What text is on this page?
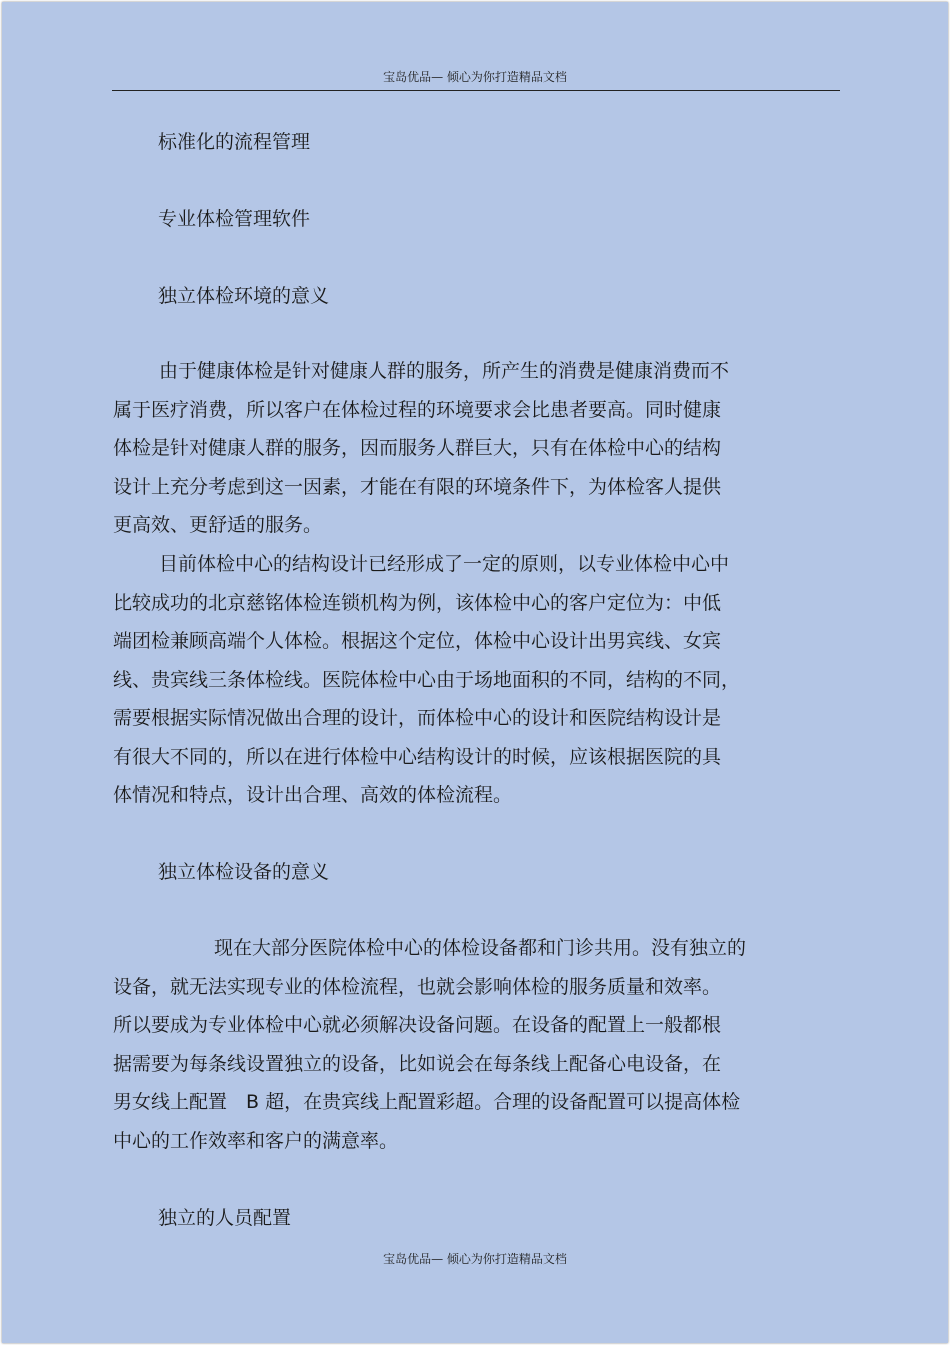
宝岛优品— 倾心为你打造精品文档
标准化的流程管理
专业体检管理软件
独立体检环境的意义
由于健康体检是针对健康人群的服务，所产生的消费是健康消费而不
属于医疗消费，所以客户在体检过程的环境要求会比患者要高。同时健康
体检是针对健康人群的服务，因而服务人群巨大，只有在体检中心的结构
设计上充分考虑到这一因素，才能在有限的环境条件下，为体检客人提供
更高效、更舒适的服务。
目前体检中心的结构设计已经形成了一定的原则，以专业体检中心中
比较成功的北京慈铭体检连锁机构为例，该体检中心的客户定位为：中低
端团检兼顾高端个人体检。根据这个定位，体检中心设计出男宾线、女宾
线、贵宾线三条体检线。医院体检中心由于场地面积的不同，结构的不同，
需要根据实际情况做出合理的设计，而体检中心的设计和医院结构设计是
有很大不同的，所以在进行体检中心结构设计的时候，应该根据医院的具
体情况和特点，设计出合理、高效的体检流程。
独立体检设备的意义
现在大部分医院体检中心的体检设备都和门诊共用。没有独立的
设备，就无法实现专业的体检流程，也就会影响体检的服务质量和效率。
所以要成为专业体检中心就必须解决设备问题。在设备的配置上一般都根
据需要为每条线设置独立的设备，比如说会在每条线上配备心电设备，在
男女线上配置　B 超，在贵宾线上配置彩超。合理的设备配置可以提高体检
中心的工作效率和客户的满意率。
独立的人员配置
宝岛优品— 倾心为你打造精品文档
